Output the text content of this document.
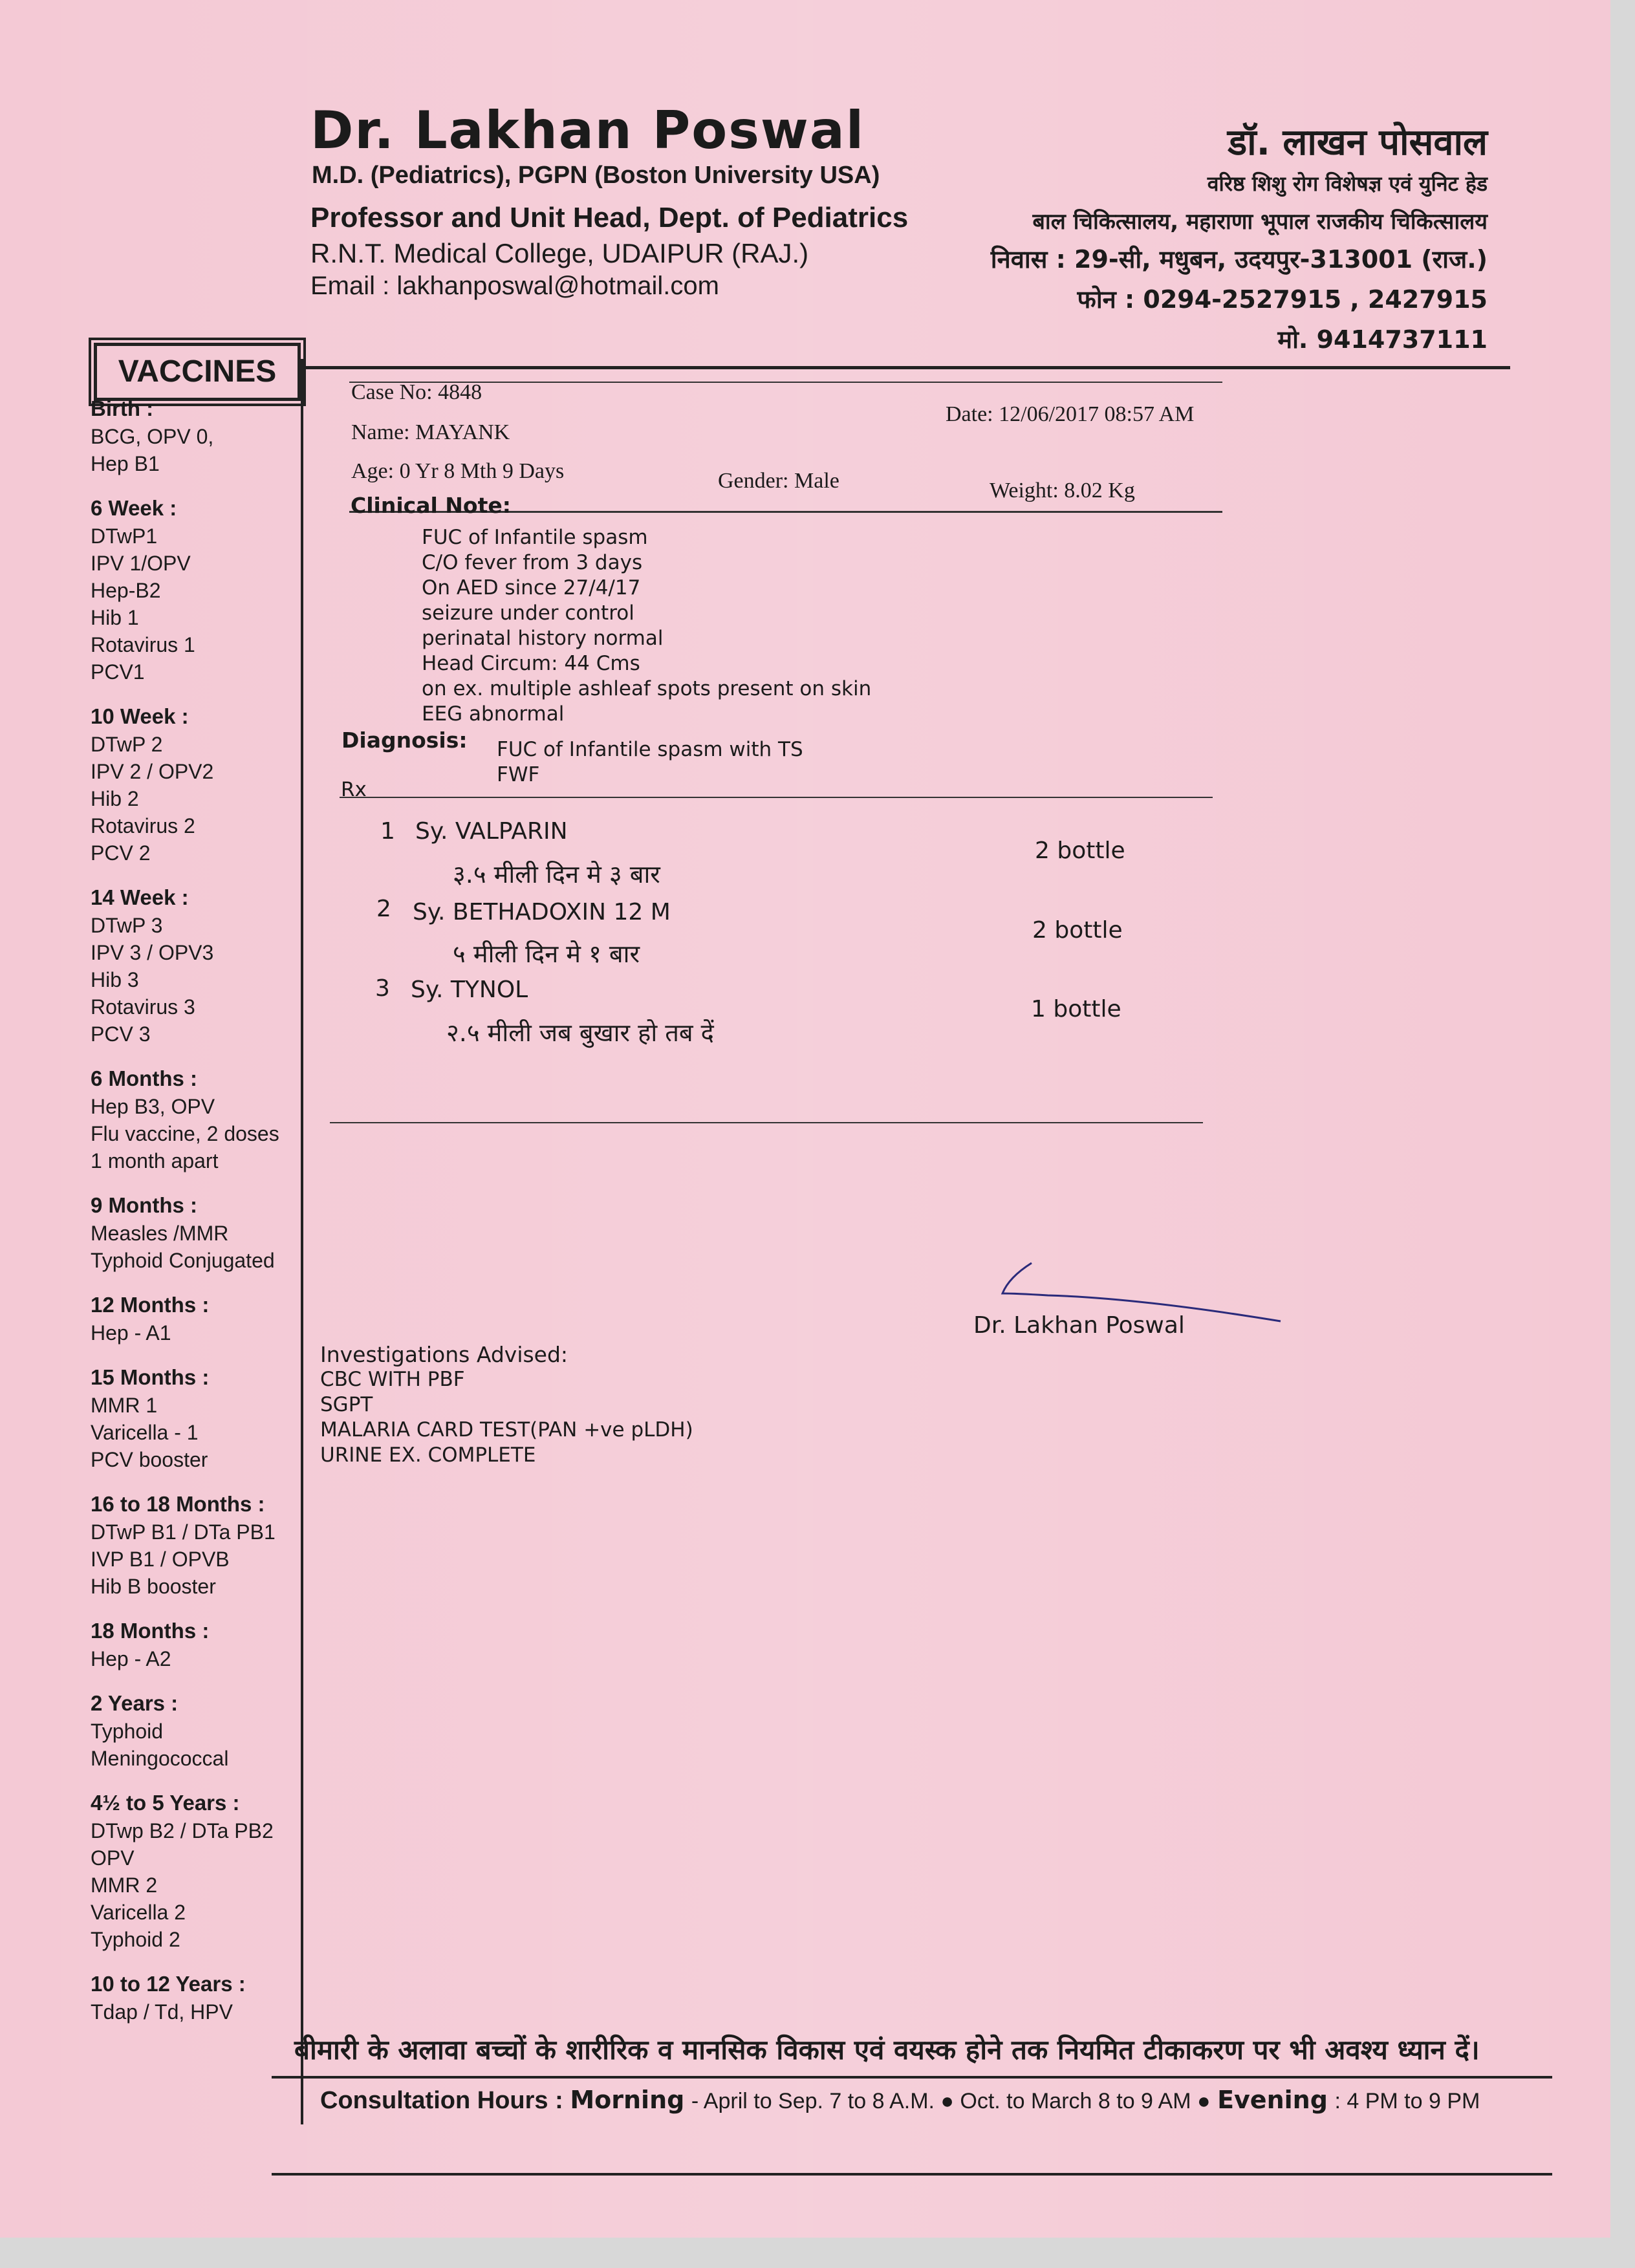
Dr. Lakhan Poswal
M.D. (Pediatrics), PGPN (Boston University USA)
Professor and Unit Head, Dept. of Pediatrics
R.N.T. Medical College, UDAIPUR (RAJ.)
Email : lakhanposwal@hotmail.com
डॉ. लाखन पोसवाल
वरिष्ठ शिशु रोग विशेषज्ञ एवं युनिट हेड
बाल चिकित्सालय, महाराणा भूपाल राजकीय चिकित्सालय
निवास : 29-सी, मधुबन, उदयपुर-313001 (राज.)
फोन : 0294-2527915 , 2427915
मो. 9414737111
VACCINES
Birth :
BCG, OPV 0,
Hep B1
6 Week :
DTwP1
IPV 1/OPV
Hep-B2
Hib 1
Rotavirus 1
PCV1
10 Week :
DTwP 2
IPV 2 / OPV2
Hib 2
Rotavirus 2
PCV 2
14 Week :
DTwP 3
IPV 3 / OPV3
Hib 3
Rotavirus 3
PCV 3
6 Months :
Hep B3, OPV
Flu vaccine, 2 doses
1 month apart
9 Months :
Measles /MMR
Typhoid Conjugated
12 Months :
Hep - A1
15 Months :
MMR 1
Varicella - 1
PCV booster
16 to 18 Months :
DTwP B1 / DTa PB1
IVP B1 / OPVB
Hib B booster
18 Months :
Hep - A2
2 Years :
Typhoid
Meningococcal
4½ to 5 Years :
DTwp B2 / DTa PB2
OPV
MMR 2
Varicella 2
Typhoid 2
10 to 12 Years :
Tdap / Td, HPV
Case No: 4848
Date: 12/06/2017 08:57 AM
Name: MAYANK
Age: 0 Yr 8 Mth 9 Days	Gender: Male	Weight: 8.02 Kg
Clinical Note:
FUC of Infantile spasm
C/O fever from 3 days
On AED since 27/4/17
seizure under control
perinatal history normal
Head Circum: 44 Cms
on ex. multiple ashleaf spots present on skin
EEG abnormal
Diagnosis: FUC of Infantile spasm with TS
FWF
Rx
1 Sy. VALPARIN
३.५ मीली दिन मे ३ बार
2 bottle
2 Sy. BETHADOXIN 12 M
५ मीली दिन मे १ बार
2 bottle
3 Sy. TYNOL
२.५ मीली जब बुखार हो तब दें
1 bottle
Dr. Lakhan Poswal
Investigations Advised:
CBC WITH PBF
SGPT
MALARIA CARD TEST(PAN +ve pLDH)
URINE EX. COMPLETE
बीमारी के अलावा बच्चों के शारीरिक व मानसिक विकास एवं वयस्क होने तक नियमित टीकाकरण पर भी अवश्य ध्यान दें।
Consultation Hours : Morning - April to Sep. 7 to 8 A.M. ● Oct. to March 8 to 9 AM ● Evening : 4 PM to 9 PM
